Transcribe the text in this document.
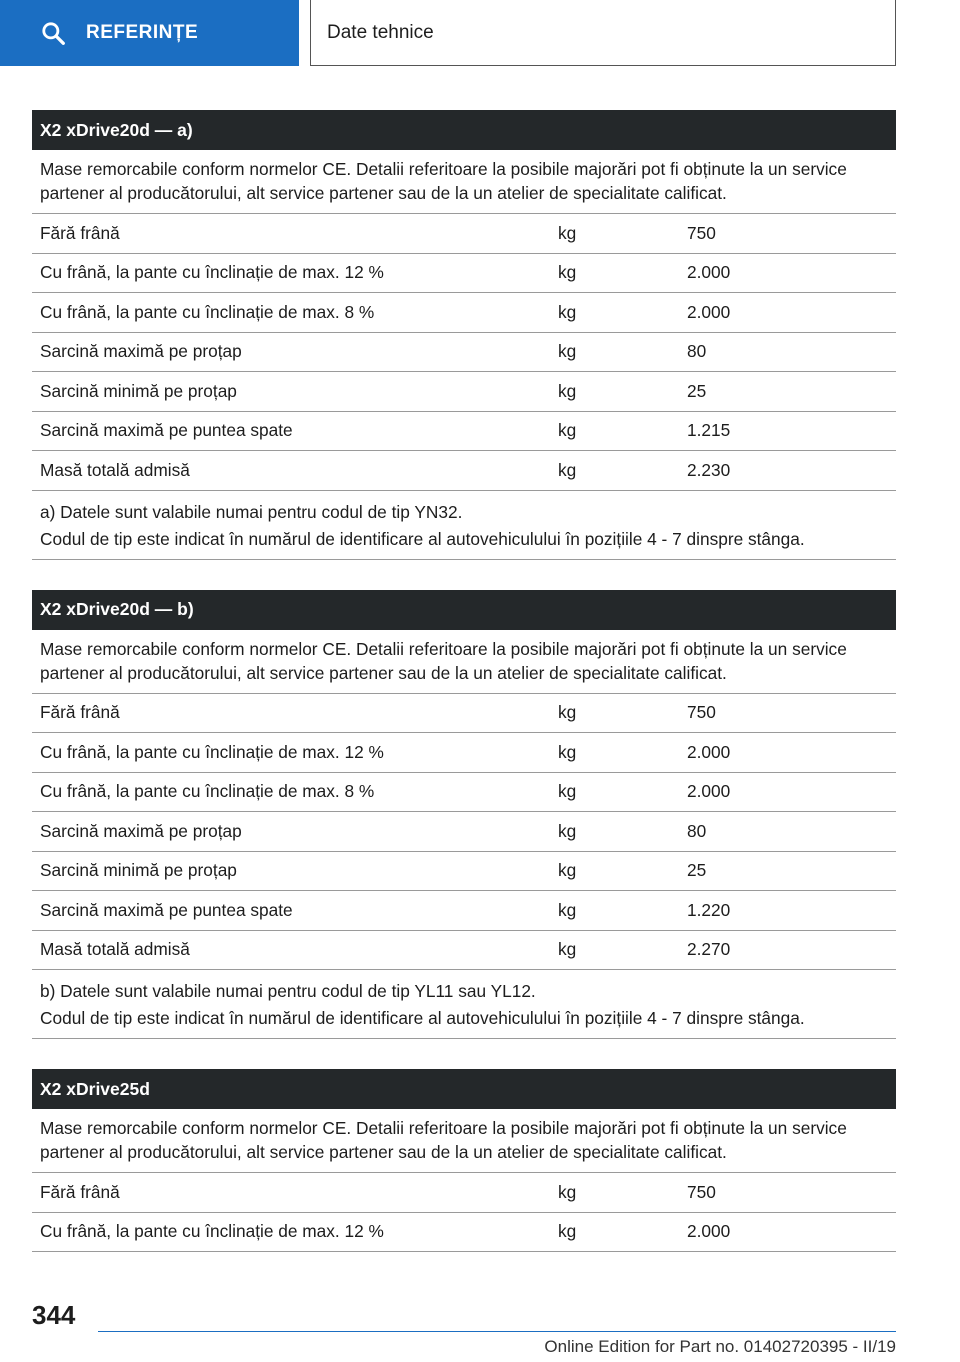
REFERINȚE	Date tehnice
X2 xDrive20d — a)
Mase remorcabile conform normelor CE. Detalii referitoare la posibile majorări pot fi obținute la un service partener al producătorului, alt service partener sau de la un atelier de specialitate calificat.
Fără frână	kg	750
Cu frână, la pante cu înclinație de max. 12 %	kg	2.000
Cu frână, la pante cu înclinație de max. 8 %	kg	2.000
Sarcină maximă pe proțap	kg	80
Sarcină minimă pe proțap	kg	25
Sarcină maximă pe puntea spate	kg	1.215
Masă totală admisă	kg	2.230
a) Datele sunt valabile numai pentru codul de tip YN32.
Codul de tip este indicat în numărul de identificare al autovehiculului în pozițiile 4 - 7 dinspre stânga.
X2 xDrive20d — b)
Mase remorcabile conform normelor CE. Detalii referitoare la posibile majorări pot fi obținute la un service partener al producătorului, alt service partener sau de la un atelier de specialitate calificat.
Fără frână	kg	750
Cu frână, la pante cu înclinație de max. 12 %	kg	2.000
Cu frână, la pante cu înclinație de max. 8 %	kg	2.000
Sarcină maximă pe proțap	kg	80
Sarcină minimă pe proțap	kg	25
Sarcină maximă pe puntea spate	kg	1.220
Masă totală admisă	kg	2.270
b) Datele sunt valabile numai pentru codul de tip YL11 sau YL12.
Codul de tip este indicat în numărul de identificare al autovehiculului în pozițiile 4 - 7 dinspre stânga.
X2 xDrive25d
Mase remorcabile conform normelor CE. Detalii referitoare la posibile majorări pot fi obținute la un service partener al producătorului, alt service partener sau de la un atelier de specialitate calificat.
Fără frână	kg	750
Cu frână, la pante cu înclinație de max. 12 %	kg	2.000
344
Online Edition for Part no. 01402720395 - II/19
